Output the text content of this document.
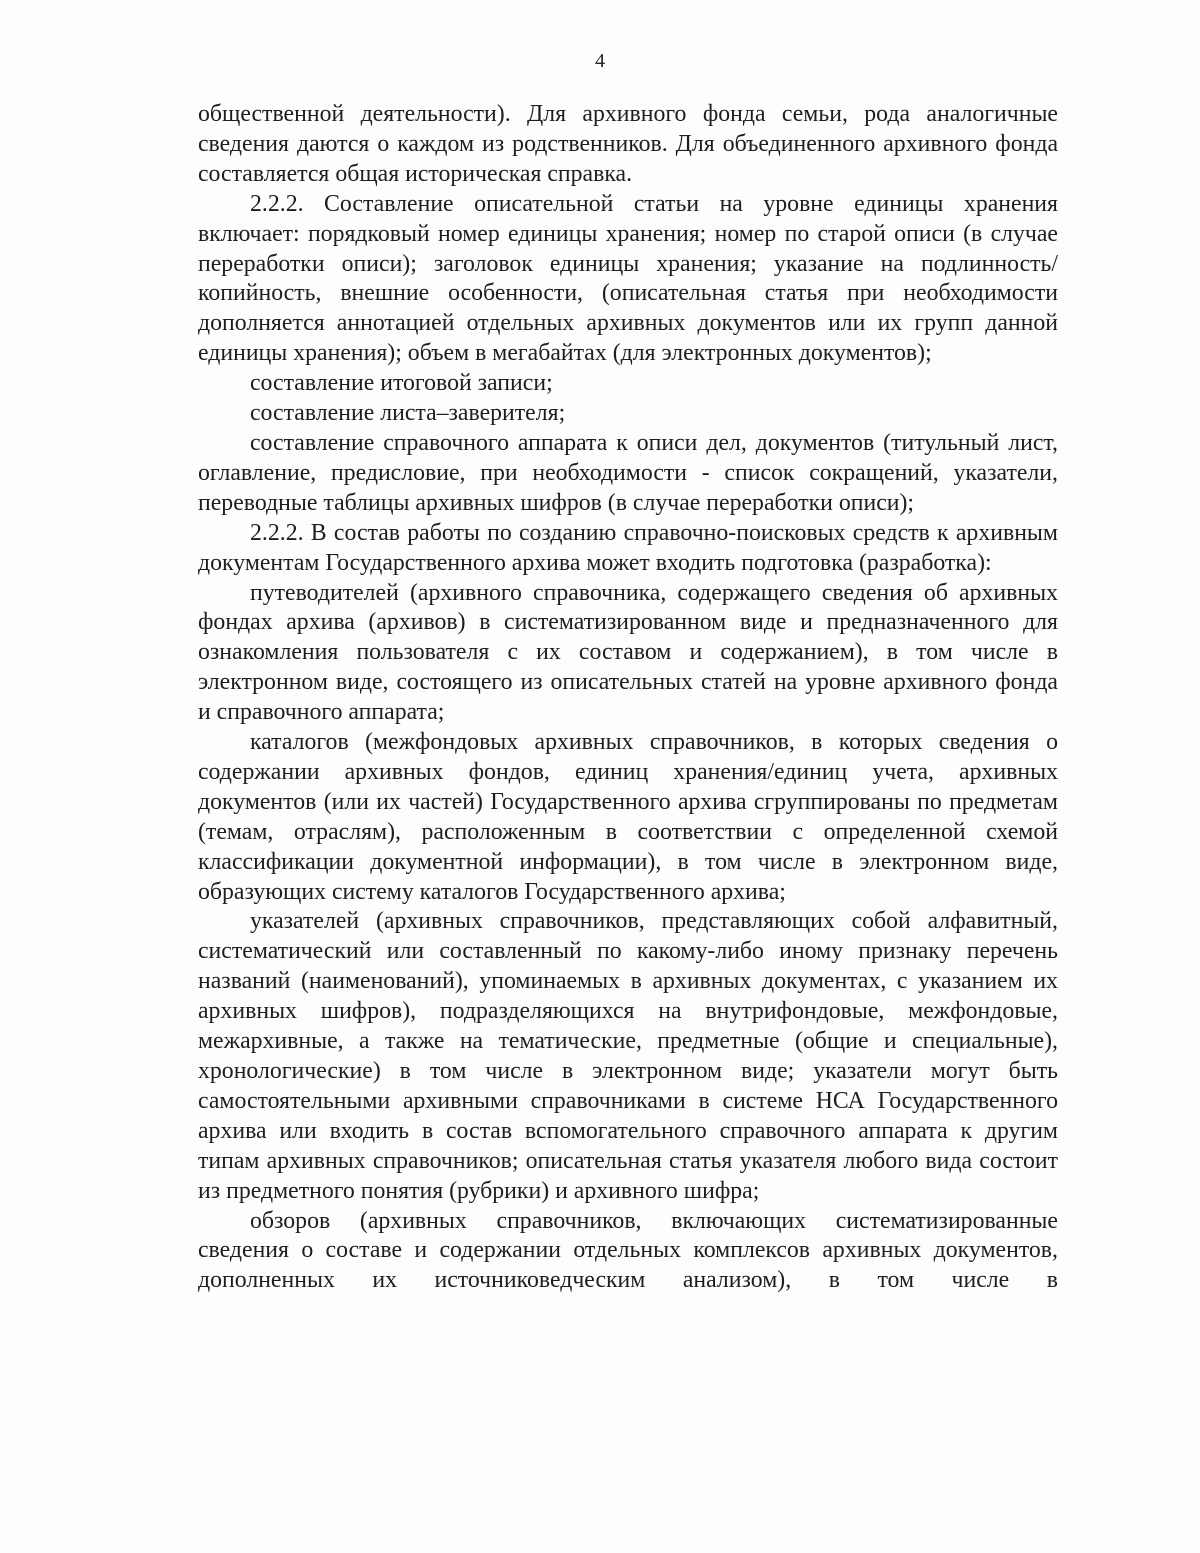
4

общественной деятельности). Для архивного фонда семьи, рода аналогичные сведения даются о каждом из родственников. Для объединенного архивного фонда составляется общая историческая справка.

2.2.2. Составление описательной статьи на уровне единицы хранения включает: порядковый номер единицы хранения; номер по старой описи (в случае переработки описи); заголовок единицы хранения; указание на подлинность/копийность, внешние особенности, (описательная статья при необходимости дополняется аннотацией отдельных архивных документов или их групп данной единицы хранения); объем в мегабайтах (для электронных документов);

составление итоговой записи;

составление листа–заверителя;

составление справочного аппарата к описи дел, документов (титульный лист, оглавление, предисловие, при необходимости - список сокращений, указатели, переводные таблицы архивных шифров (в случае переработки описи);

2.2.2. В состав работы по созданию справочно-поисковых средств к архивным документам Государственного архива может входить подготовка (разработка):

путеводителей (архивного справочника, содержащего сведения об архивных фондах архива (архивов) в систематизированном виде и предназначенного для ознакомления пользователя с их составом и содержанием), в том числе в электронном виде, состоящего из описательных статей на уровне архивного фонда и справочного аппарата;

каталогов (межфондовых архивных справочников, в которых сведения о содержании архивных фондов, единиц хранения/единиц учета, архивных документов (или их частей) Государственного архива сгруппированы по предметам (темам, отраслям), расположенным в соответствии с определенной схемой классификации документной информации), в том числе в электронном виде, образующих систему каталогов Государственного архива;

указателей (архивных справочников, представляющих собой алфавитный, систематический или составленный по какому-либо иному признаку перечень названий (наименований), упоминаемых в архивных документах, с указанием их архивных шифров), подразделяющихся на внутрифондовые, межфондовые, межархивные, а также на тематические, предметные (общие и специальные), хронологические) в том числе в электронном виде; указатели могут быть самостоятельными архивными справочниками в системе НСА Государственного архива или входить в состав вспомогательного справочного аппарата к другим типам архивных справочников; описательная статья указателя любого вида состоит из предметного понятия (рубрики) и архивного шифра;

обзоров (архивных справочников, включающих систематизированные сведения о составе и содержании отдельных комплексов архивных документов, дополненных их источниковедческим анализом), в том числе в
